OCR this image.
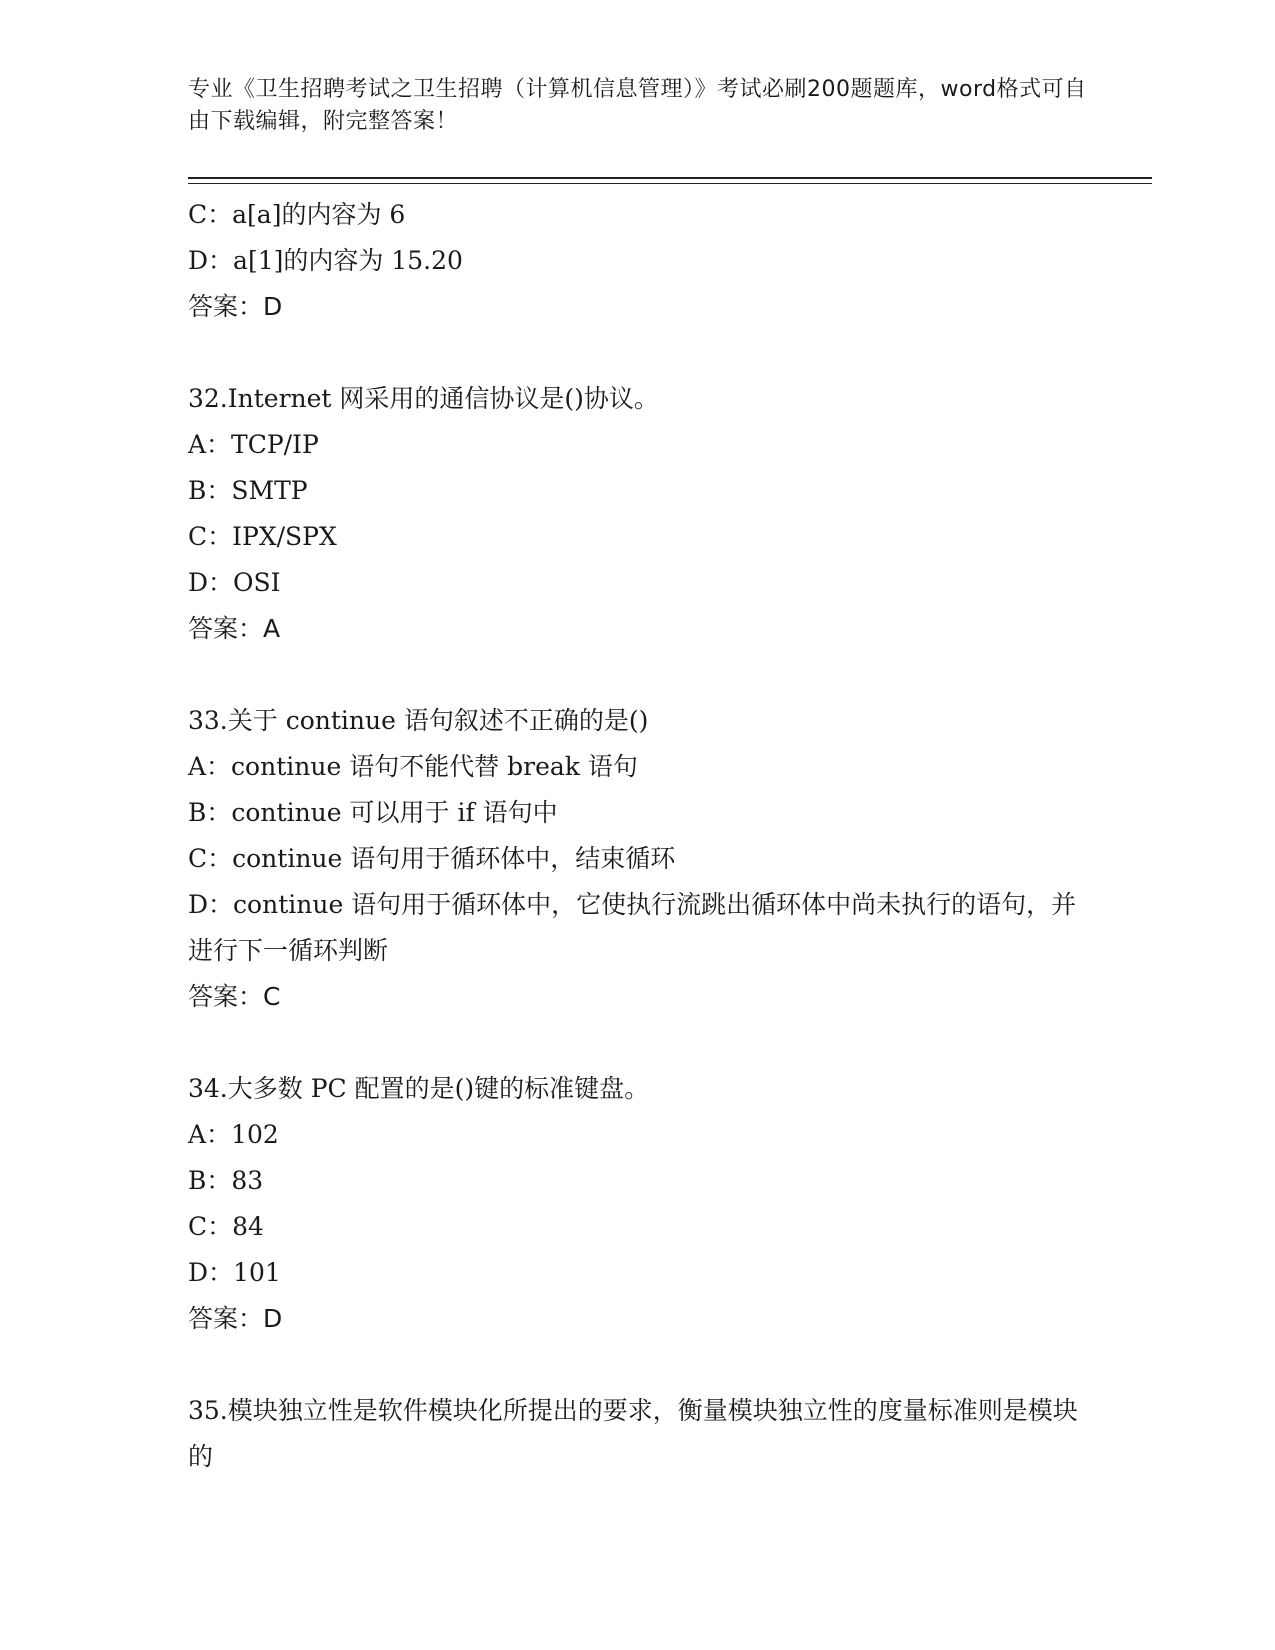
专业《卫生招聘考试之卫生招聘（计算机信息管理）》考试必刷200题题库，word格式可自由下载编辑，附完整答案！
C：a[a]的内容为 6
D：a[1]的内容为 15.20
答案：D
32.Internet 网采用的通信协议是()协议。
A：TCP/IP
B：SMTP
C：IPX/SPX
D：OSI
答案：A
33.关于 continue 语句叙述不正确的是()
A：continue 语句不能代替 break 语句
B：continue 可以用于 if 语句中
C：continue 语句用于循环体中，结束循环
D：continue 语句用于循环体中，它使执行流跳出循环体中尚未执行的语句，并进行下一循环判断
答案：C
34.大多数 PC 配置的是()键的标准键盘。
A：102
B：83
C：84
D：101
答案：D
35.模块独立性是软件模块化所提出的要求，衡量模块独立性的度量标准则是模块的
